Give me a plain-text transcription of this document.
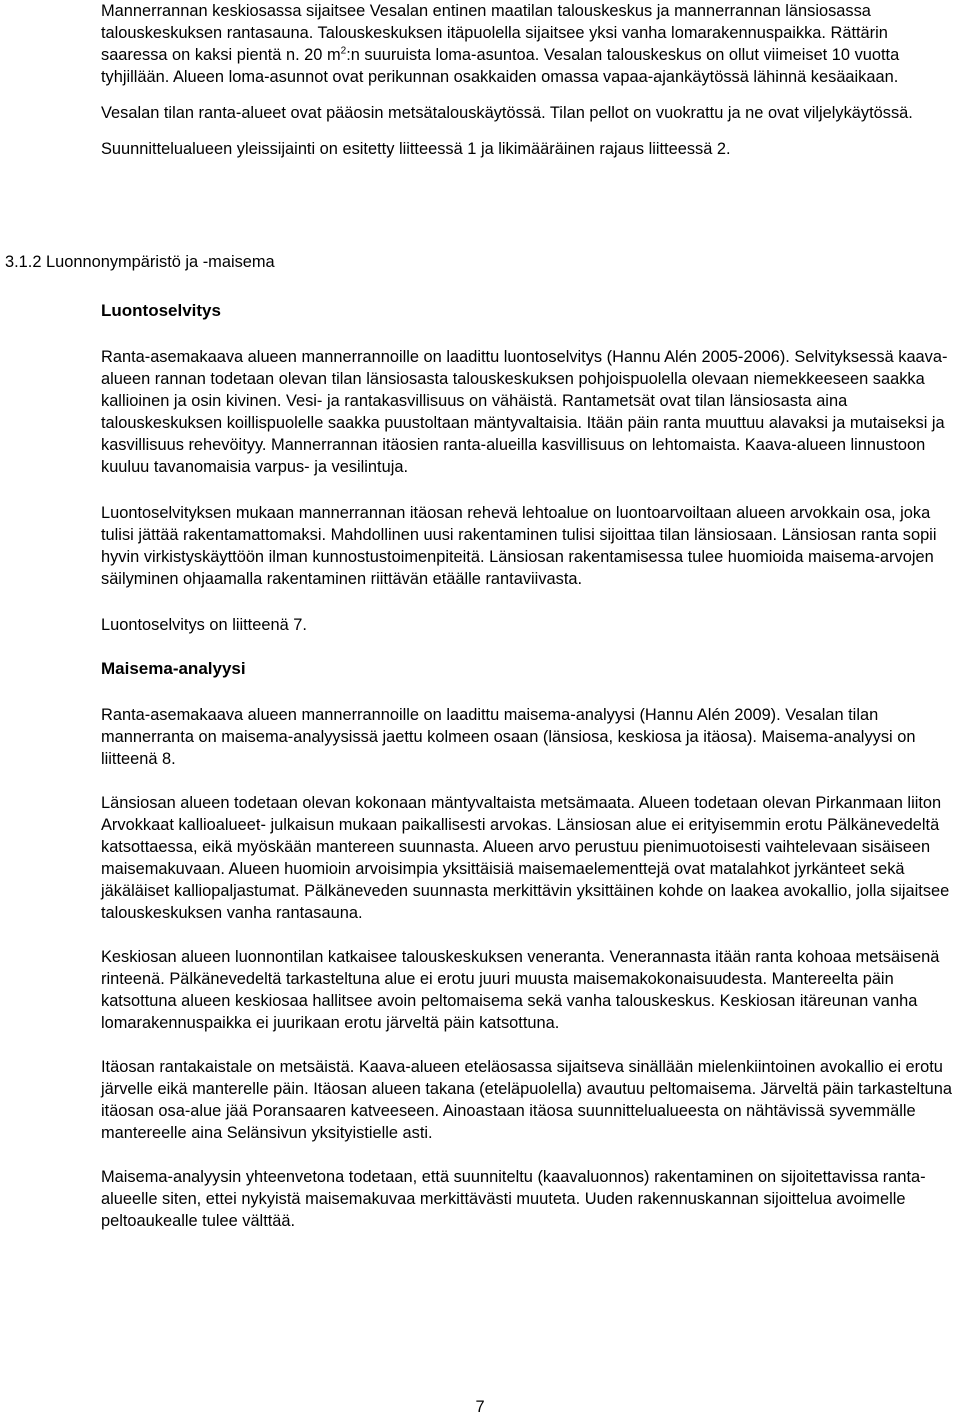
Mannerrannan keskiosassa sijaitsee Vesalan entinen maatilan talouskeskus ja mannerrannan länsiosassa talouskeskuksen rantasauna. Talouskeskuksen itäpuolella sijaitsee yksi vanha lomarakennuspaikka. Rättärin saaressa on kaksi pientä n. 20 $m^2:n$ suuruista loma-asuntoa. Vesalan talouskeskus on ollut viimeiset 10 vuotta tyhjillään. Alueen loma-asunnot ovat perikunnan osakkaiden omassa vapaa-ajankäytössä lähinnä kesäaikaan.

Vesalan tilan ranta-alueet ovat pääosin metsätalouskäytössä. Tilan pellot on vuokrattu ja ne ovat viljelykäytössä.

Suunnittelualueen yleissijainti on esitetty liitteessä 1 ja likimääräinen rajaus liitteessä 2.

3.1.2 Luonnonympäristö ja -maisema

Luontoselvitys

Ranta-asemakaava alueen mannerrannoille on laadittu luontoselvitys (Hannu Alén 2005-2006). Selvityksessä kaava-alueen rannan todetaan olevan tilan länsiosasta talouskeskuksen pohjoispuolella olevaan niemekkeeseen saakka kallioinen ja osin kivinen. Vesi- ja rantakasvillisuus on vähäistä. Rantametsät ovat tilan länsiosasta aina talouskeskuksen koillispuolelle saakka puustoltaan mäntyvaltaisia. Itään päin ranta muuttuu alavaksi ja mutaiseksi ja kasvillisuus rehevöityy. Mannerrannan itäosien ranta-alueilla kasvillisuus on lehtomaista. Kaava-alueen linnustoon kuuluu tavanomaisia varpus- ja vesilintuja.

Luontoselvityksen mukaan mannerrannan itäosan rehevä lehtoalue on luontoarvoiltaan alueen arvokkain osa, joka tulisi jättää rakentamattomaksi. Mahdollinen uusi rakentaminen tulisi sijoittaa tilan länsiosaan. Länsiosan ranta sopii hyvin virkistyskäyttöön ilman kunnostustoimenpiteitä. Länsiosan rakentamisessa tulee huomioida maisema-arvojen säilyminen ohjaamalla rakentaminen riittävän etäälle rantaviivasta.

Luontoselvitys on liitteenä 7.

Maisema-analyysi

Ranta-asemakaava alueen mannerrannoille on laadittu maisema-analyysi (Hannu Alén 2009). Vesalan tilan mannerranta on maisema-analyysissä jaettu kolmeen osaan (länsiosa, keskiosa ja itäosa). Maisema-analyysi on liitteenä 8.

Länsiosan alueen todetaan olevan kokonaan mäntyvaltaista metsämaata. Alueen todetaan olevan Pirkanmaan liiton Arvokkaat kallioalueet- julkaisun mukaan paikallisesti arvokas. Länsiosan alue ei erityisemmin erotu Pälkänevedeltä katsottaessa, eikä myöskään mantereen suunnasta. Alueen arvo perustuu pienimuotoisesti vaihtelevaan sisäiseen maisemakuvaan. Alueen huomioin arvoisimpia yksittäisiä maisemaelementtejä ovat matalahkot jyrkänteet sekä jäkäläiset kalliopaljastumat. Pälkäneveden suunnasta merkittävin yksittäinen kohde on laakea avokallio, jolla sijaitsee talouskeskuksen vanha rantasauna.

Keskiosan alueen luonnontilan katkaisee talouskeskuksen veneranta. Venerannasta itään ranta kohoaa metsäisenä rinteenä. Pälkänevedeltä tarkasteltuna alue ei erotu juuri muusta maisemakokonaisuudesta. Mantereelta päin katsottuna alueen keskiosaa hallitsee avoin peltomaisema sekä vanha talouskeskus. Keskiosan itäreunan vanha lomarakennuspaikka ei juurikaan erotu järveltä päin katsottuna.

Itäosan rantakaistale on metsäistä. Kaava-alueen eteläosassa sijaitseva sinällään mielenkiintoinen avokallio ei erotu järvelle eikä manterelle päin. Itäosan alueen takana (eteläpuolella) avautuu peltomaisema. Järveltä päin tarkasteltuna itäosan osa-alue jää Poransaaren katveeseen. Ainoastaan itäosa suunnittelualueesta on nähtävissä syvemmälle mantereelle aina Selänsivun yksityistielle asti.

Maisema-analyysin yhteenvetona todetaan, että suunniteltu (kaavaluonnos) rakentaminen on sijoitettavissa ranta-alueelle siten, ettei nykyistä maisemakuvaa merkittävästi muuteta. Uuden rakennuskannan sijoittelua avoimelle peltoaukealle tulee välttää.

7
